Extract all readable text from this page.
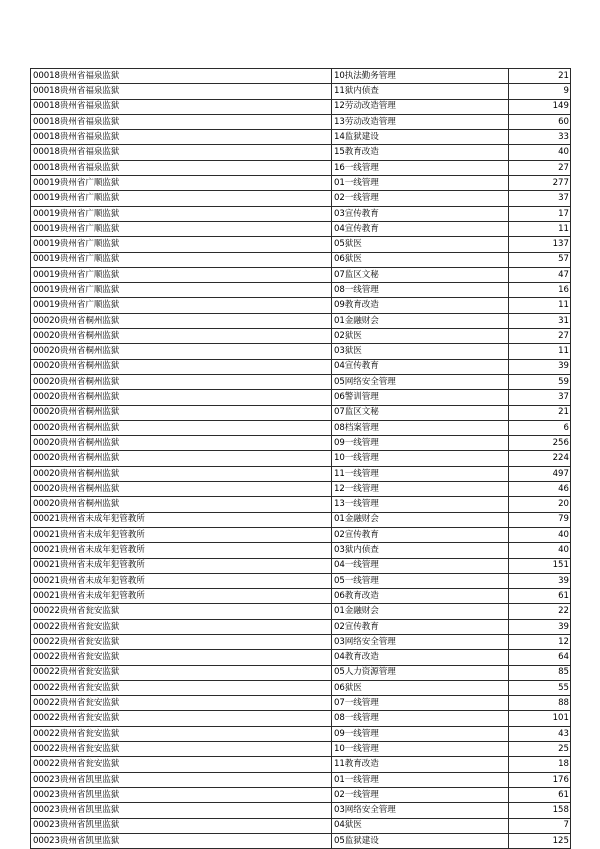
00018贵州省福泉监狱	10执法勤务管理	21
00018贵州省福泉监狱	11狱内侦查	9
00018贵州省福泉监狱	12劳动改造管理	149
00018贵州省福泉监狱	13劳动改造管理	60
00018贵州省福泉监狱	14监狱建设	33
00018贵州省福泉监狱	15教育改造	40
00018贵州省福泉监狱	16一线管理	27
00019贵州省广顺监狱	01一线管理	277
00019贵州省广顺监狱	02一线管理	37
00019贵州省广顺监狱	03宣传教育	17
00019贵州省广顺监狱	04宣传教育	11
00019贵州省广顺监狱	05狱医	137
00019贵州省广顺监狱	06狱医	57
00019贵州省广顺监狱	07监区文秘	47
00019贵州省广顺监狱	08一线管理	16
00019贵州省广顺监狱	09教育改造	11
00020贵州省桐州监狱	01金融财会	31
00020贵州省桐州监狱	02狱医	27
00020贵州省桐州监狱	03狱医	11
00020贵州省桐州监狱	04宣传教育	39
00020贵州省桐州监狱	05网络安全管理	59
00020贵州省桐州监狱	06警训管理	37
00020贵州省桐州监狱	07监区文秘	21
00020贵州省桐州监狱	08档案管理	6
00020贵州省桐州监狱	09一线管理	256
00020贵州省桐州监狱	10一线管理	224
00020贵州省桐州监狱	11一线管理	497
00020贵州省桐州监狱	12一线管理	46
00020贵州省桐州监狱	13一线管理	20
00021贵州省未成年犯管教所	01金融财会	79
00021贵州省未成年犯管教所	02宣传教育	40
00021贵州省未成年犯管教所	03狱内侦查	40
00021贵州省未成年犯管教所	04一线管理	151
00021贵州省未成年犯管教所	05一线管理	39
00021贵州省未成年犯管教所	06教育改造	61
00022贵州省瓮安监狱	01金融财会	22
00022贵州省瓮安监狱	02宣传教育	39
00022贵州省瓮安监狱	03网络安全管理	12
00022贵州省瓮安监狱	04教育改造	64
00022贵州省瓮安监狱	05人力资源管理	85
00022贵州省瓮安监狱	06狱医	55
00022贵州省瓮安监狱	07一线管理	88
00022贵州省瓮安监狱	08一线管理	101
00022贵州省瓮安监狱	09一线管理	43
00022贵州省瓮安监狱	10一线管理	25
00022贵州省瓮安监狱	11教育改造	18
00023贵州省凯里监狱	01一线管理	176
00023贵州省凯里监狱	02一线管理	61
00023贵州省凯里监狱	03网络安全管理	158
00023贵州省凯里监狱	04狱医	7
00023贵州省凯里监狱	05监狱建设	125
